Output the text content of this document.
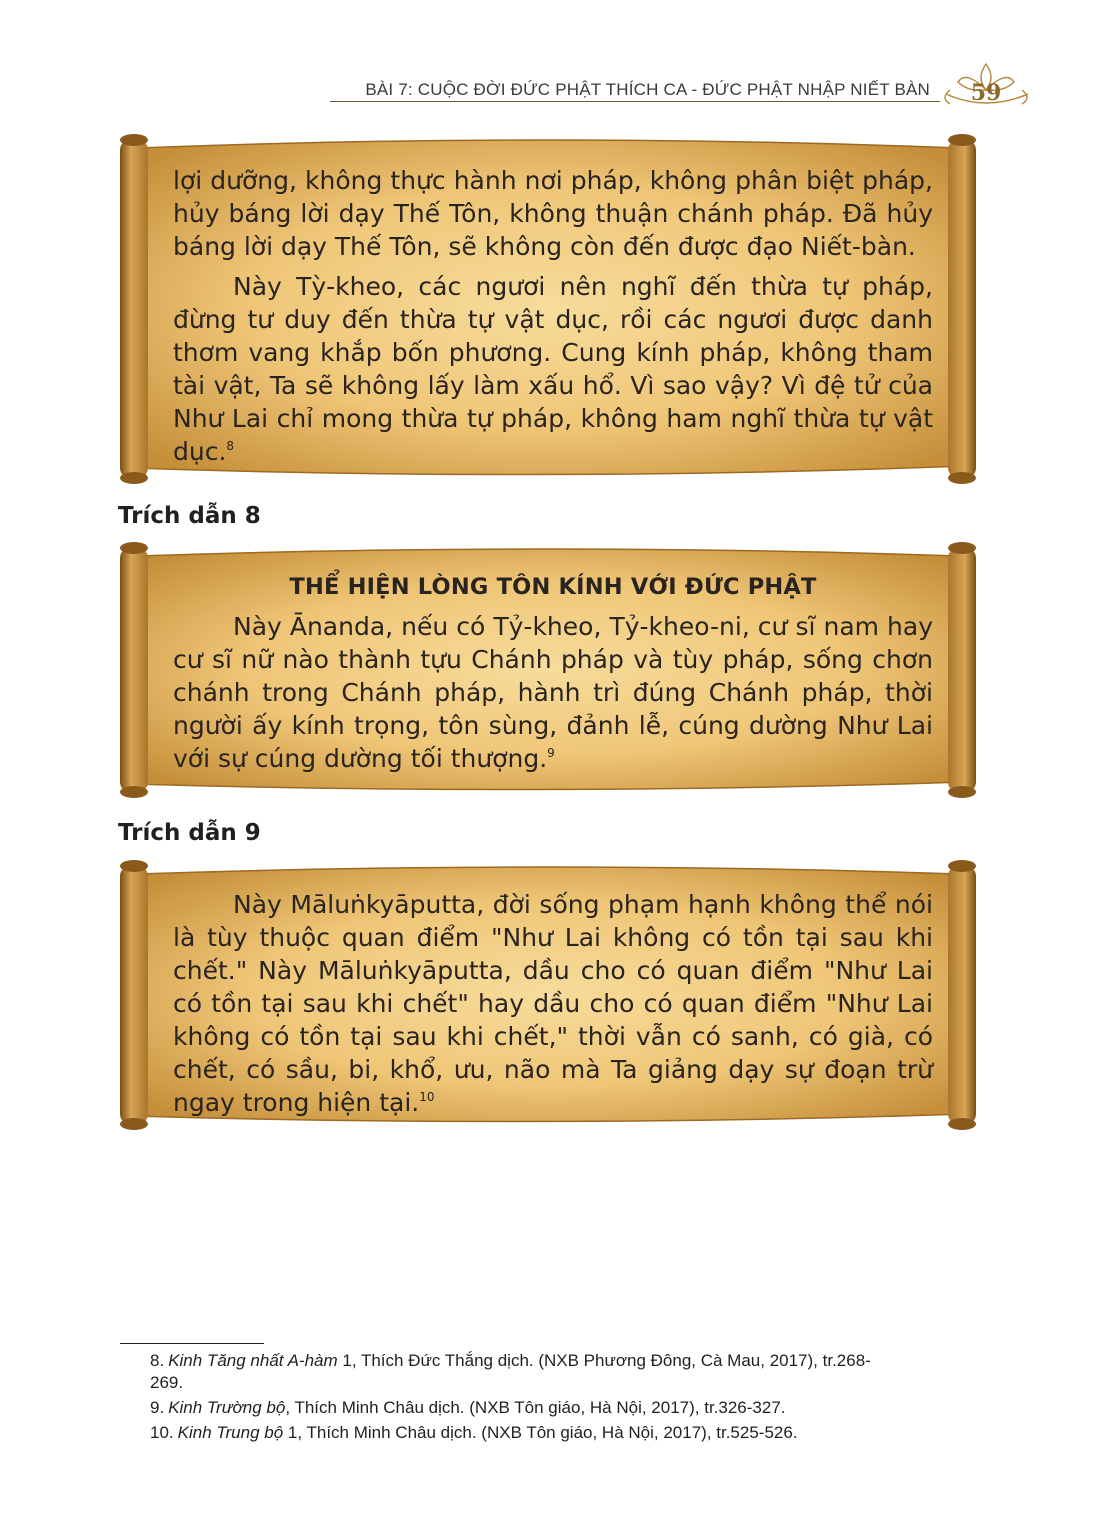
BÀI 7: CUỘC ĐỜI ĐỨC PHẬT THÍCH CA - ĐỨC PHẬT NHẬP NIẾT BÀN 59

lợi dưỡng, không thực hành nơi pháp, không phân biệt pháp, hủy báng lời dạy Thế Tôn, không thuận chánh pháp. Đã hủy báng lời dạy Thế Tôn, sẽ không còn đến được đạo Niết-bàn.

Này Tỳ-kheo, các ngươi nên nghĩ đến thừa tự pháp, đừng tư duy đến thừa tự vật dục, rồi các ngươi được danh thơm vang khắp bốn phương. Cung kính pháp, không tham tài vật, Ta sẽ không lấy làm xấu hổ. Vì sao vậy? Vì đệ tử của Như Lai chỉ mong thừa tự pháp, không ham nghĩ thừa tự vật dục.$^8$

Trích dẫn 8
THỂ HIỆN LÒNG TÔN KÍNH VỚI ĐỨC PHẬT

Này Ānanda, nếu có Tỷ-kheo, Tỷ-kheo-ni, cư sĩ nam hay cư sĩ nữ nào thành tựu Chánh pháp và tùy pháp, sống chơn chánh trong Chánh pháp, hành trì đúng Chánh pháp, thời người ấy kính trọng, tôn sùng, đảnh lễ, cúng dường Như Lai với sự cúng dường tối thượng.$^9$

Trích dẫn 9

Này Māluṅkyāputta, đời sống phạm hạnh không thể nói là tùy thuộc quan điểm "Như Lai không có tồn tại sau khi chết." Này Māluṅkyāputta, dầu cho có quan điểm "Như Lai có tồn tại sau khi chết" hay dầu cho có quan điểm "Như Lai không có tồn tại sau khi chết," thời vẫn có sanh, có già, có chết, có sầu, bi, khổ, ưu, não mà Ta giảng dạy sự đoạn trừ ngay trong hiện tại.$^{10}$

8. Kinh Tăng nhất A-hàm 1, Thích Đức Thắng dịch. (NXB Phương Đông, Cà Mau, 2017), tr.268-
269.
9. Kinh Trường bộ, Thích Minh Châu dịch. (NXB Tôn giáo, Hà Nội, 2017), tr.326-327.
10. Kinh Trung bộ 1, Thích Minh Châu dịch. (NXB Tôn giáo, Hà Nội, 2017), tr.525-526.
